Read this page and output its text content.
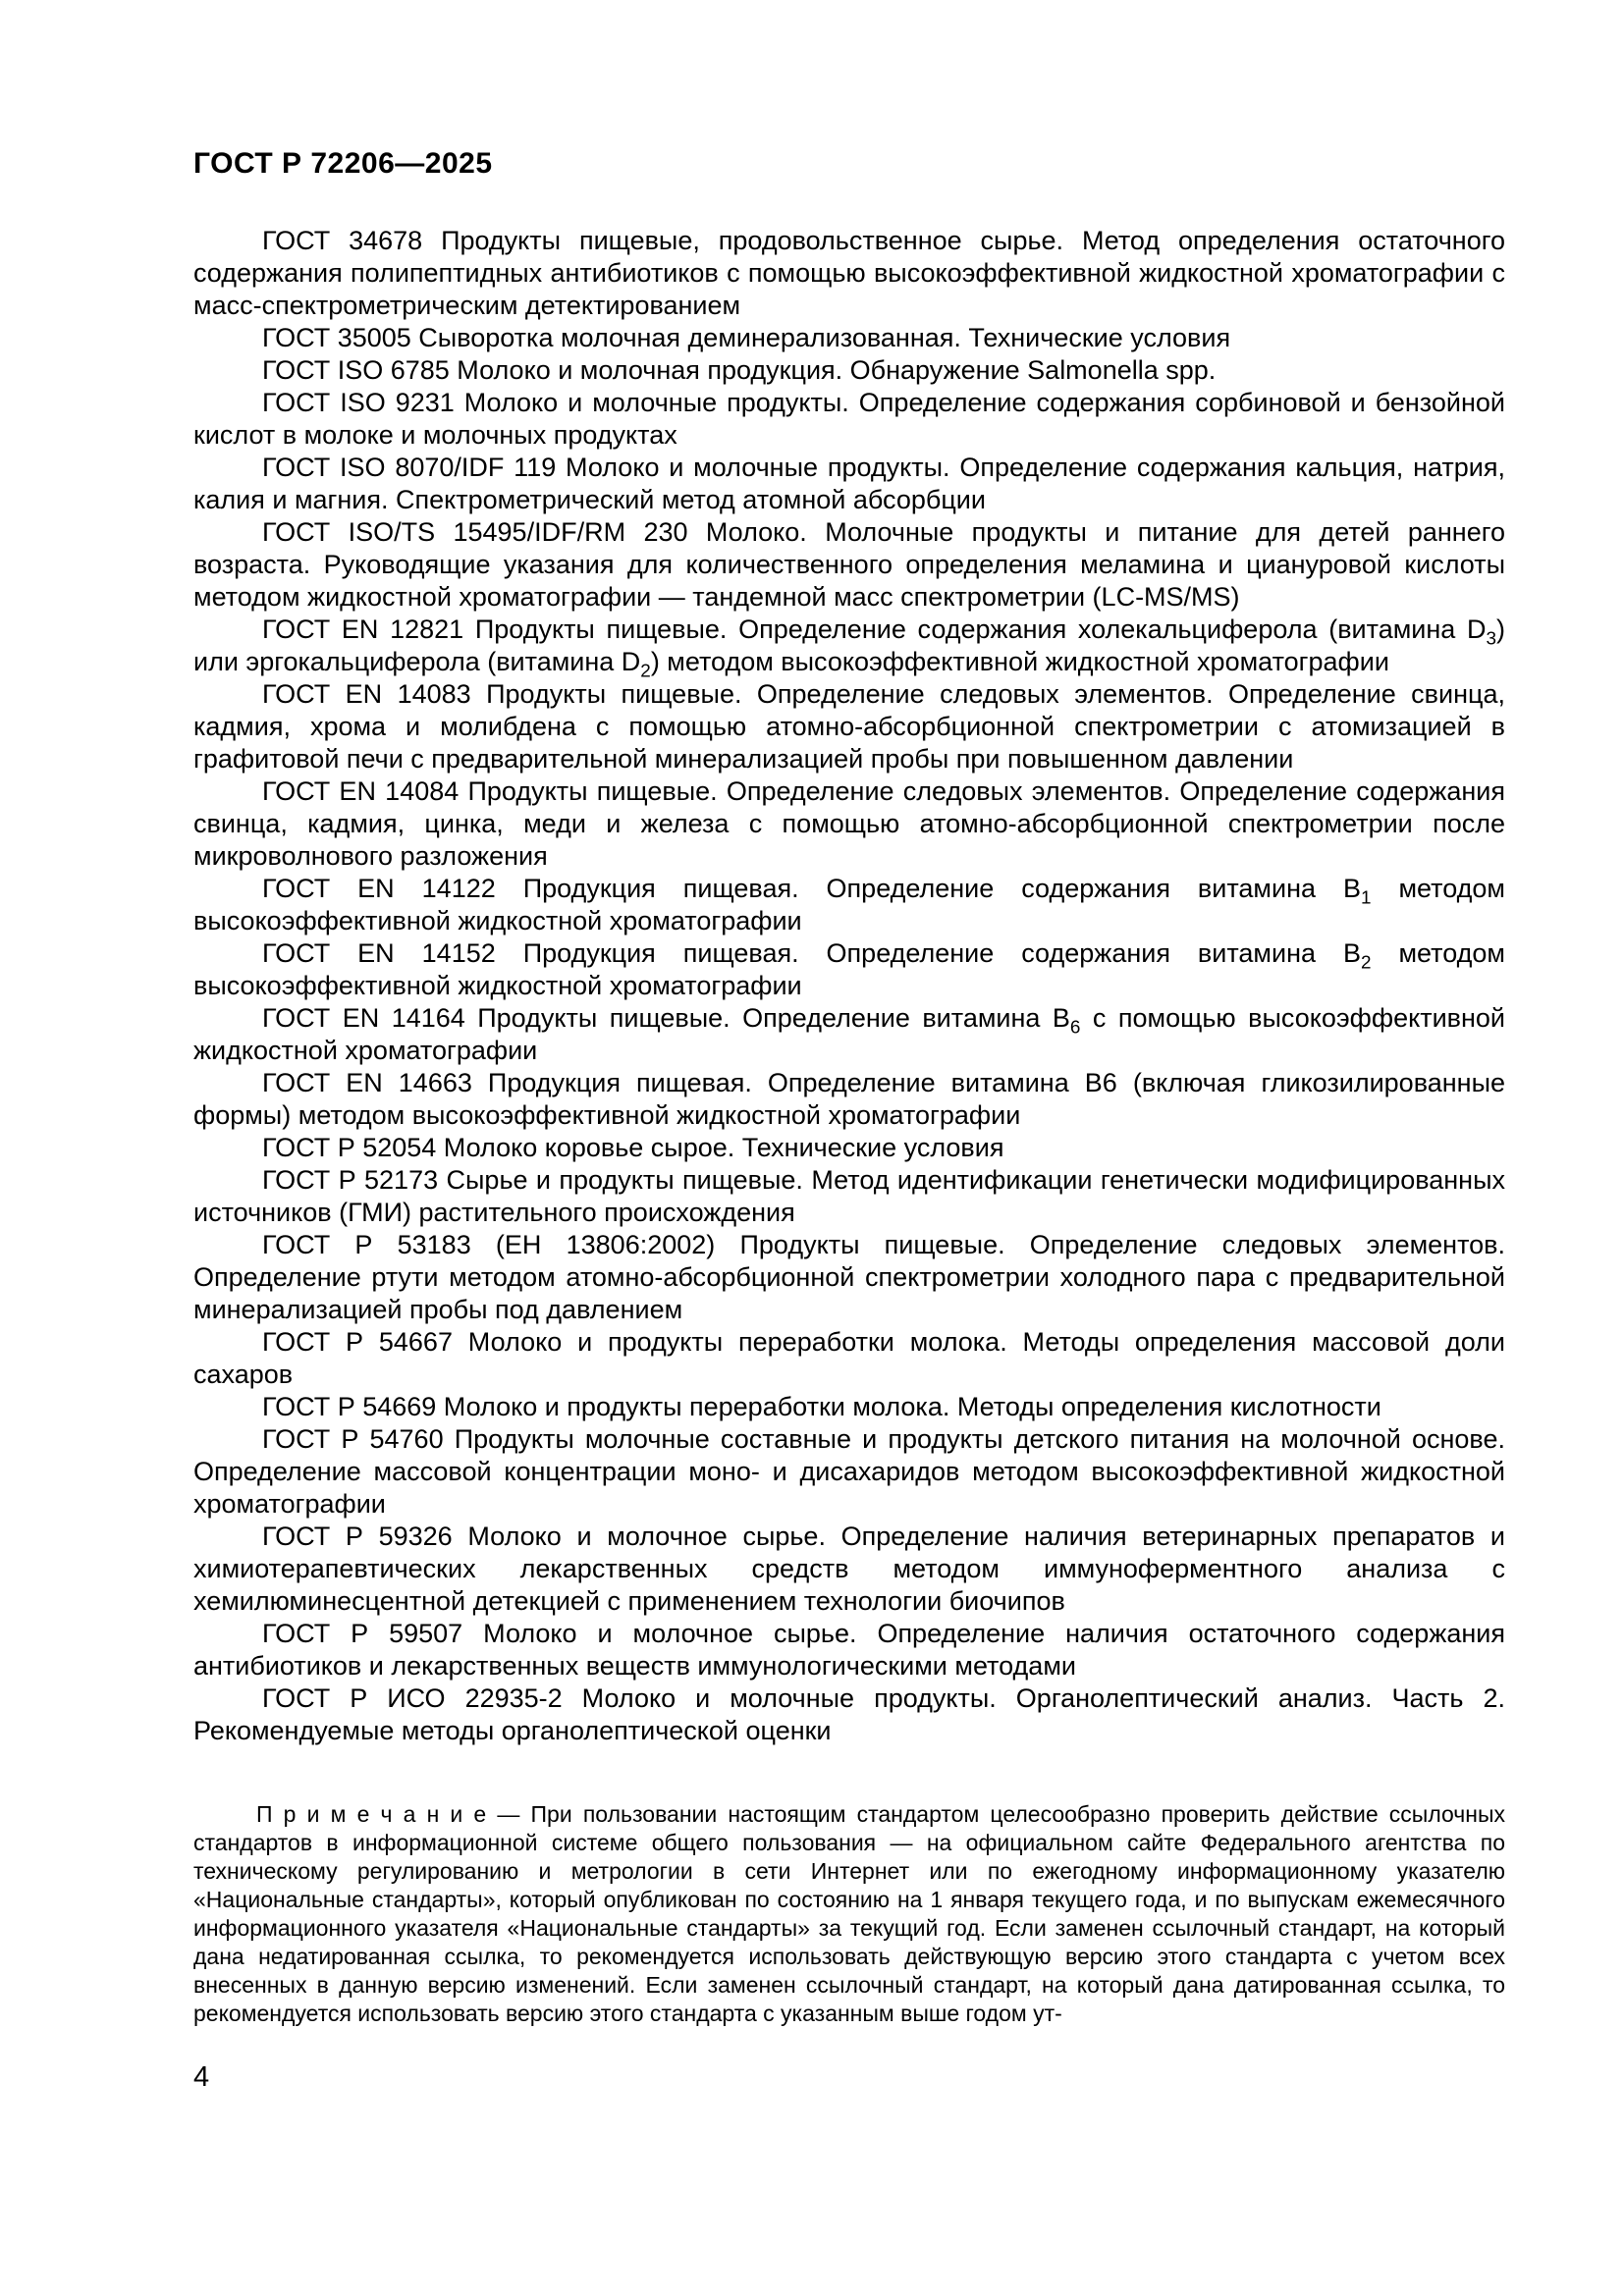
ГОСТ Р 72206—2025

ГОСТ 34678 Продукты пищевые, продовольственное сырье. Метод определения остаточного содержания полипептидных антибиотиков с помощью высокоэффективной жидкостной хроматографии с масс-спектрометрическим детектированием

ГОСТ 35005 Сыворотка молочная деминерализованная. Технические условия

ГОСТ ISO 6785 Молоко и молочная продукция. Обнаружение Salmonella spp.

ГОСТ ISO 9231 Молоко и молочные продукты. Определение содержания сорбиновой и бензойной кислот в молоке и молочных продуктах

ГОСТ ISO 8070/IDF 119 Молоко и молочные продукты. Определение содержания кальция, натрия, калия и магния. Спектрометрический метод атомной абсорбции

ГОСТ ISO/TS 15495/IDF/RM 230 Молоко. Молочные продукты и питание для детей раннего возраста. Руководящие указания для количественного определения меламина и циануровой кислоты методом жидкостной хроматографии — тандемной масс спектрометрии (LC-MS/MS)

ГОСТ EN 12821 Продукты пищевые. Определение содержания холекальциферола (витамина $D_3$) или эргокальциферола (витамина $D_2$) методом высокоэффективной жидкостной хроматографии

ГОСТ EN 14083 Продукты пищевые. Определение следовых элементов. Определение свинца, кадмия, хрома и молибдена с помощью атомно-абсорбционной спектрометрии с атомизацией в графитовой печи с предварительной минерализацией пробы при повышенном давлении

ГОСТ EN 14084 Продукты пищевые. Определение следовых элементов. Определение содержания свинца, кадмия, цинка, меди и железа с помощью атомно-абсорбционной спектрометрии после микроволнового разложения

ГОСТ EN 14122 Продукция пищевая. Определение содержания витамина $B_1$ методом высокоэффективной жидкостной хроматографии

ГОСТ EN 14152 Продукция пищевая. Определение содержания витамина $B_2$ методом высокоэффективной жидкостной хроматографии

ГОСТ EN 14164 Продукты пищевые. Определение витамина $B_6$ с помощью высокоэффективной жидкостной хроматографии

ГОСТ EN 14663 Продукция пищевая. Определение витамина B6 (включая гликозилированные формы) методом высокоэффективной жидкостной хроматографии

ГОСТ Р 52054 Молоко коровье сырое. Технические условия

ГОСТ Р 52173 Сырье и продукты пищевые. Метод идентификации генетически модифицированных источников (ГМИ) растительного происхождения

ГОСТ Р 53183 (ЕН 13806:2002) Продукты пищевые. Определение следовых элементов. Определение ртути методом атомно-абсорбционной спектрометрии холодного пара с предварительной минерализацией пробы под давлением

ГОСТ Р 54667 Молоко и продукты переработки молока. Методы определения массовой доли сахаров

ГОСТ Р 54669 Молоко и продукты переработки молока. Методы определения кислотности

ГОСТ Р 54760 Продукты молочные составные и продукты детского питания на молочной основе. Определение массовой концентрации моно- и дисахаридов методом высокоэффективной жидкостной хроматографии

ГОСТ Р 59326 Молоко и молочное сырье. Определение наличия ветеринарных препаратов и химиотерапевтических лекарственных средств методом иммуноферментного анализа с хемилюминесцентной детекцией с применением технологии биочипов

ГОСТ Р 59507 Молоко и молочное сырье. Определение наличия остаточного содержания антибиотиков и лекарственных веществ иммунологическими методами

ГОСТ Р ИСО 22935-2 Молоко и молочные продукты. Органолептический анализ. Часть 2. Рекомендуемые методы органолептической оценки

П р и м е ч а н и е — При пользовании настоящим стандартом целесообразно проверить действие ссылочных стандартов в информационной системе общего пользования — на официальном сайте Федерального агентства по техническому регулированию и метрологии в сети Интернет или по ежегодному информационному указателю «Национальные стандарты», который опубликован по состоянию на 1 января текущего года, и по выпускам ежемесячного информационного указателя «Национальные стандарты» за текущий год. Если заменен ссылочный стандарт, на который дана недатированная ссылка, то рекомендуется использовать действующую версию этого стандарта с учетом всех внесенных в данную версию изменений. Если заменен ссылочный стандарт, на который дана датированная ссылка, то рекомендуется использовать версию этого стандарта с указанным выше годом ут-

4
